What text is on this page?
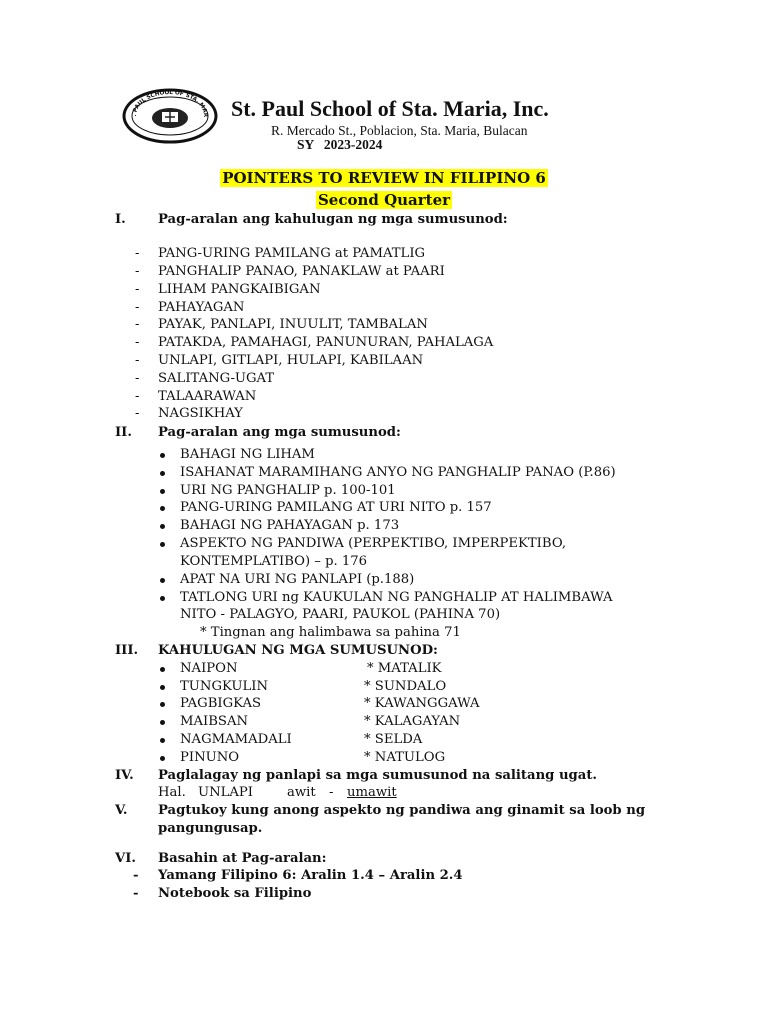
. PAUL SCHOOL OF STA. MAR St. Paul School of Sta. Maria, Inc.
R. Mercado St., Poblacion, Sta. Maria, Bulacan
SY   2023-2024
POINTERS TO REVIEW IN FILIPINO 6
Second Quarter
I. Pag-aralan ang kahulugan ng mga sumusunod:
- PANG-URING PAMILANG at PAMATLIG
- PANGHALIP PANAO, PANAKLAW at PAARI
- LIHAM PANGKAIBIGAN
- PAHAYAGAN
- PAYAK, PANLAPI, INUULIT, TAMBALAN
- PATAKDA, PAMAHAGI, PANUNURAN, PAHALAGA
- UNLAPI, GITLAPI, HULAPI, KABILAAN
- SALITANG-UGAT
- TALAARAWAN
- NAGSIKHAY
II. Pag-aralan ang mga sumusunod:
BAHAGI NG LIHAM
ISAHANAT MARAMIHANG ANYO NG PANGHALIP PANAO (P.86)
URI NG PANGHALIP p. 100-101
PANG-URING PAMILANG AT URI NITO p. 157
BAHAGI NG PAHAYAGAN p. 173
ASPEKTO NG PANDIWA (PERPEKTIBO, IMPERPEKTIBO,
KONTEMPLATIBO) – p. 176
APAT NA URI NG PANLAPI (p.188)
TATLONG URI ng KAUKULAN NG PANGHALIP AT HALIMBAWA
NITO - PALAGYO, PAARI, PAUKOL (PAHINA 70)
* Tingnan ang halimbawa sa pahina 71
III. KAHULUGAN NG MGA SUMUSUNOD:
NAIPON	* MATALIK
TUNGKULIN	* SUNDALO
PAGBIGKAS	* KAWANGGAWA
MAIBSAN	* KALAGAYAN
NAGMAMADALI	* SELDA
PINUNO	* NATULOG
IV. Paglalagay ng panlapi sa mga sumusunod na salitang ugat.
Hal. UNLAPI	awit - umawit
V. Pagtukoy kung anong aspekto ng pandiwa ang ginamit sa loob ng
pangungusap.
VI. Basahin at Pag-aralan:
- Yamang Filipino 6: Aralin 1.4 – Aralin 2.4
- Notebook sa Filipino
